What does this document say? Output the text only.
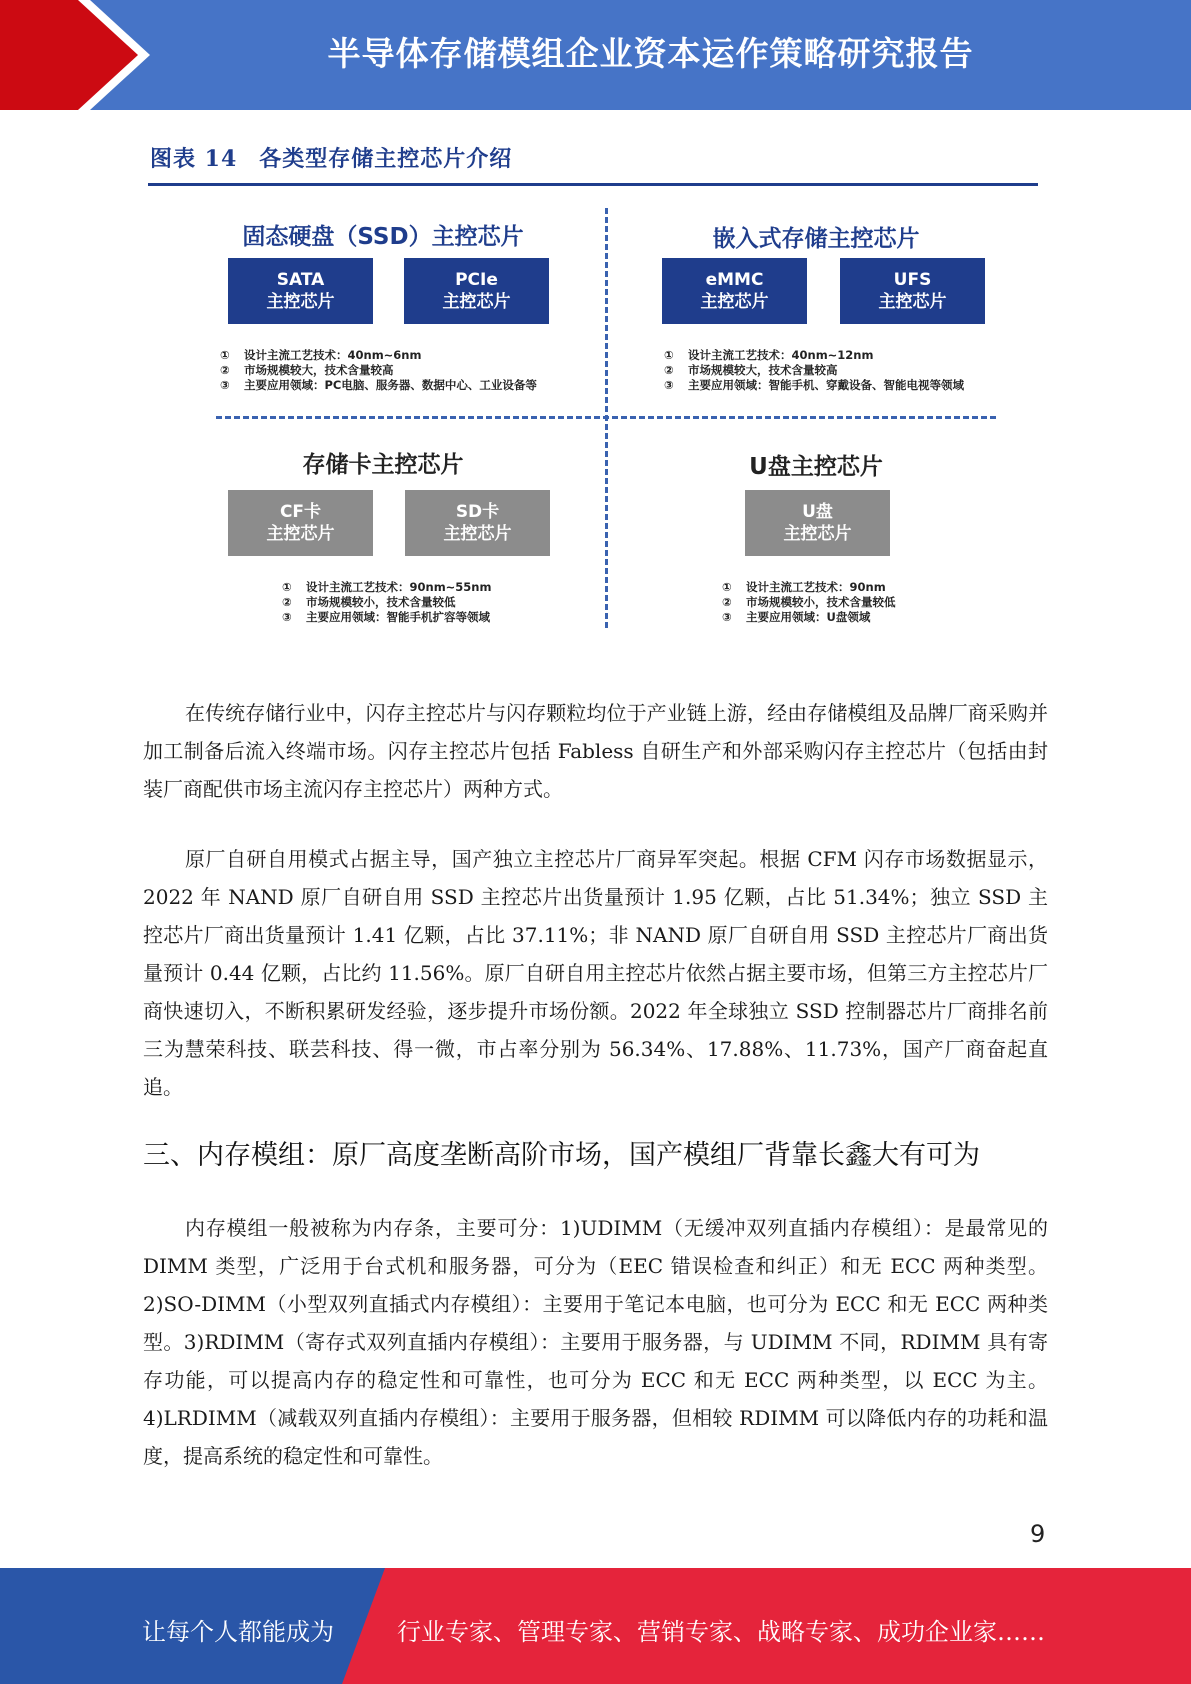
半导体存储模组企业资本运作策略研究报告
图表 14 各类型存储主控芯片介绍
固态硬盘（SSD）主控芯片
SATA
主控芯片
PCIe
主控芯片
① 设计主流工艺技术：40nm~6nm
② 市场规模较大，技术含量较高
③ 主要应用领域：PC电脑、服务器、数据中心、工业设备等
嵌入式存储主控芯片
eMMC
主控芯片
UFS
主控芯片
① 设计主流工艺技术：40nm~12nm
② 市场规模较大，技术含量较高
③ 主要应用领域：智能手机、穿戴设备、智能电视等领域
存储卡主控芯片
CF卡
主控芯片
SD卡
主控芯片
① 设计主流工艺技术：90nm~55nm
② 市场规模较小，技术含量较低
③ 主要应用领域：智能手机扩容等领域
U盘主控芯片
U盘
主控芯片
① 设计主流工艺技术：90nm
② 市场规模较小，技术含量较低
③ 主要应用领域：U盘领域

在传统存储行业中，闪存主控芯片与闪存颗粒均位于产业链上游，经由存储模组及品牌厂商采购并加工制备后流入终端市场。闪存主控芯片包括 Fabless 自研生产和外部采购闪存主控芯片（包括由封装厂商配供市场主流闪存主控芯片）两种方式。

原厂自研自用模式占据主导，国产独立主控芯片厂商异军突起。根据 CFM 闪存市场数据显示，2022 年 NAND 原厂自研自用 SSD 主控芯片出货量预计 1.95 亿颗，占比 51.34%；独立 SSD 主控芯片厂商出货量预计 1.41 亿颗，占比 37.11%；非 NAND 原厂自研自用 SSD 主控芯片厂商出货量预计 0.44 亿颗，占比约 11.56%。原厂自研自用主控芯片依然占据主要市场，但第三方主控芯片厂商快速切入，不断积累研发经验，逐步提升市场份额。2022 年全球独立 SSD 控制器芯片厂商排名前三为慧荣科技、联芸科技、得一微，市占率分别为 56.34%、17.88%、11.73%，国产厂商奋起直追。

三、内存模组：原厂高度垄断高阶市场，国产模组厂背靠长鑫大有可为

内存模组一般被称为内存条，主要可分：1)UDIMM（无缓冲双列直插内存模组）：是最常见的 DIMM 类型，广泛用于台式机和服务器，可分为（EEC 错误检查和纠正）和无 ECC 两种类型。2)SO-DIMM（小型双列直插式内存模组）：主要用于笔记本电脑，也可分为 ECC 和无 ECC 两种类型。3)RDIMM（寄存式双列直插内存模组）：主要用于服务器，与 UDIMM 不同，RDIMM 具有寄存功能，可以提高内存的稳定性和可靠性，也可分为 ECC 和无 ECC 两种类型，以 ECC 为主。4)LRDIMM（减载双列直插内存模组）：主要用于服务器，但相较 RDIMM 可以降低内存的功耗和温度，提高系统的稳定性和可靠性。

9
让每个人都能成为	行业专家、管理专家、营销专家、战略专家、成功企业家……
